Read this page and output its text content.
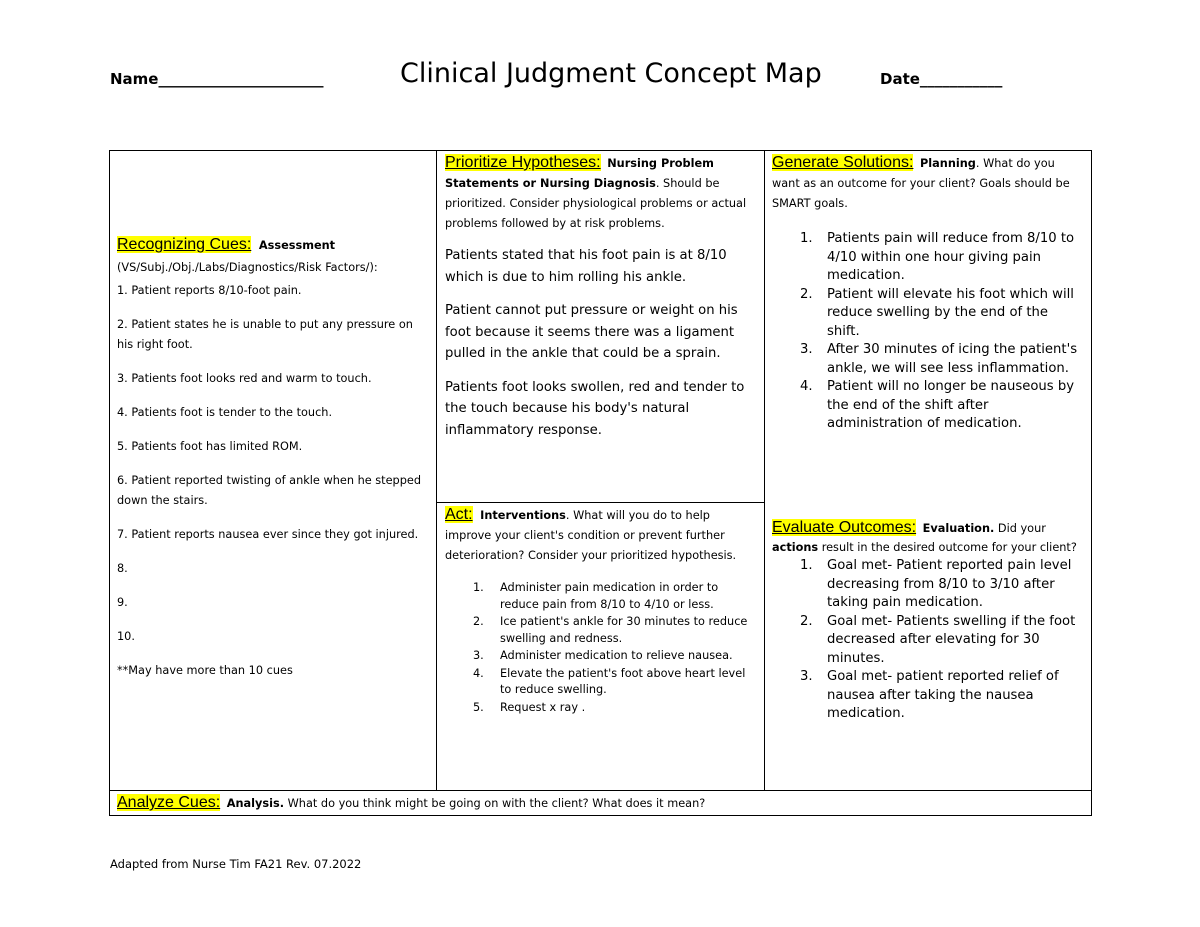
Name______________________	Clinical Judgment Concept Map	Date___________
Recognizing Cues: Assessment
(VS/Subj./Obj./Labs/Diagnostics/Risk Factors/):

1. Patient reports 8/10-foot pain.

2. Patient states he is unable to put any pressure on his right foot.

3. Patients foot looks red and warm to touch.

4. Patients foot is tender to the touch.

5. Patients foot has limited ROM.

6. Patient reported twisting of ankle when he stepped down the stairs.

7. Patient reports nausea ever since they got injured.

8.

9.

10.

**May have more than 10 cues

Prioritize Hypotheses: Nursing Problem Statements or Nursing Diagnosis. Should be prioritized. Consider physiological problems or actual problems followed by at risk problems.

Patients stated that his foot pain is at 8/10 which is due to him rolling his ankle.

Patient cannot put pressure or weight on his foot because it seems there was a ligament pulled in the ankle that could be a sprain.

Patients foot looks swollen, red and tender to the touch because his body's natural inflammatory response.

Act: Interventions. What will you do to help improve your client's condition or prevent further deterioration? Consider your prioritized hypothesis.
1. Administer pain medication in order to reduce pain from 8/10 to 4/10 or less.
2. Ice patient's ankle for 30 minutes to reduce swelling and redness.
3. Administer medication to relieve nausea.
4. Elevate the patient's foot above heart level to reduce swelling.
5. Request x ray .
Generate Solutions: Planning. What do you want as an outcome for your client? Goals should be SMART goals.
1. Patients pain will reduce from 8/10 to 4/10 within one hour giving pain medication.
2. Patient will elevate his foot which will reduce swelling by the end of the shift.
3. After 30 minutes of icing the patient's ankle, we will see less inflammation.
4. Patient will no longer be nauseous by the end of the shift after administration of medication.
Evaluate Outcomes: Evaluation. Did your actions result in the desired outcome for your client?
1. Goal met- Patient reported pain level decreasing from 8/10 to 3/10 after taking pain medication.
2. Goal met- Patients swelling if the foot decreased after elevating for 30 minutes.
3. Goal met- patient reported relief of nausea after taking the nausea medication.
Analyze Cues: Analysis. What do you think might be going on with the client? What does it mean?
Adapted from Nurse Tim FA21 Rev. 07.2022
